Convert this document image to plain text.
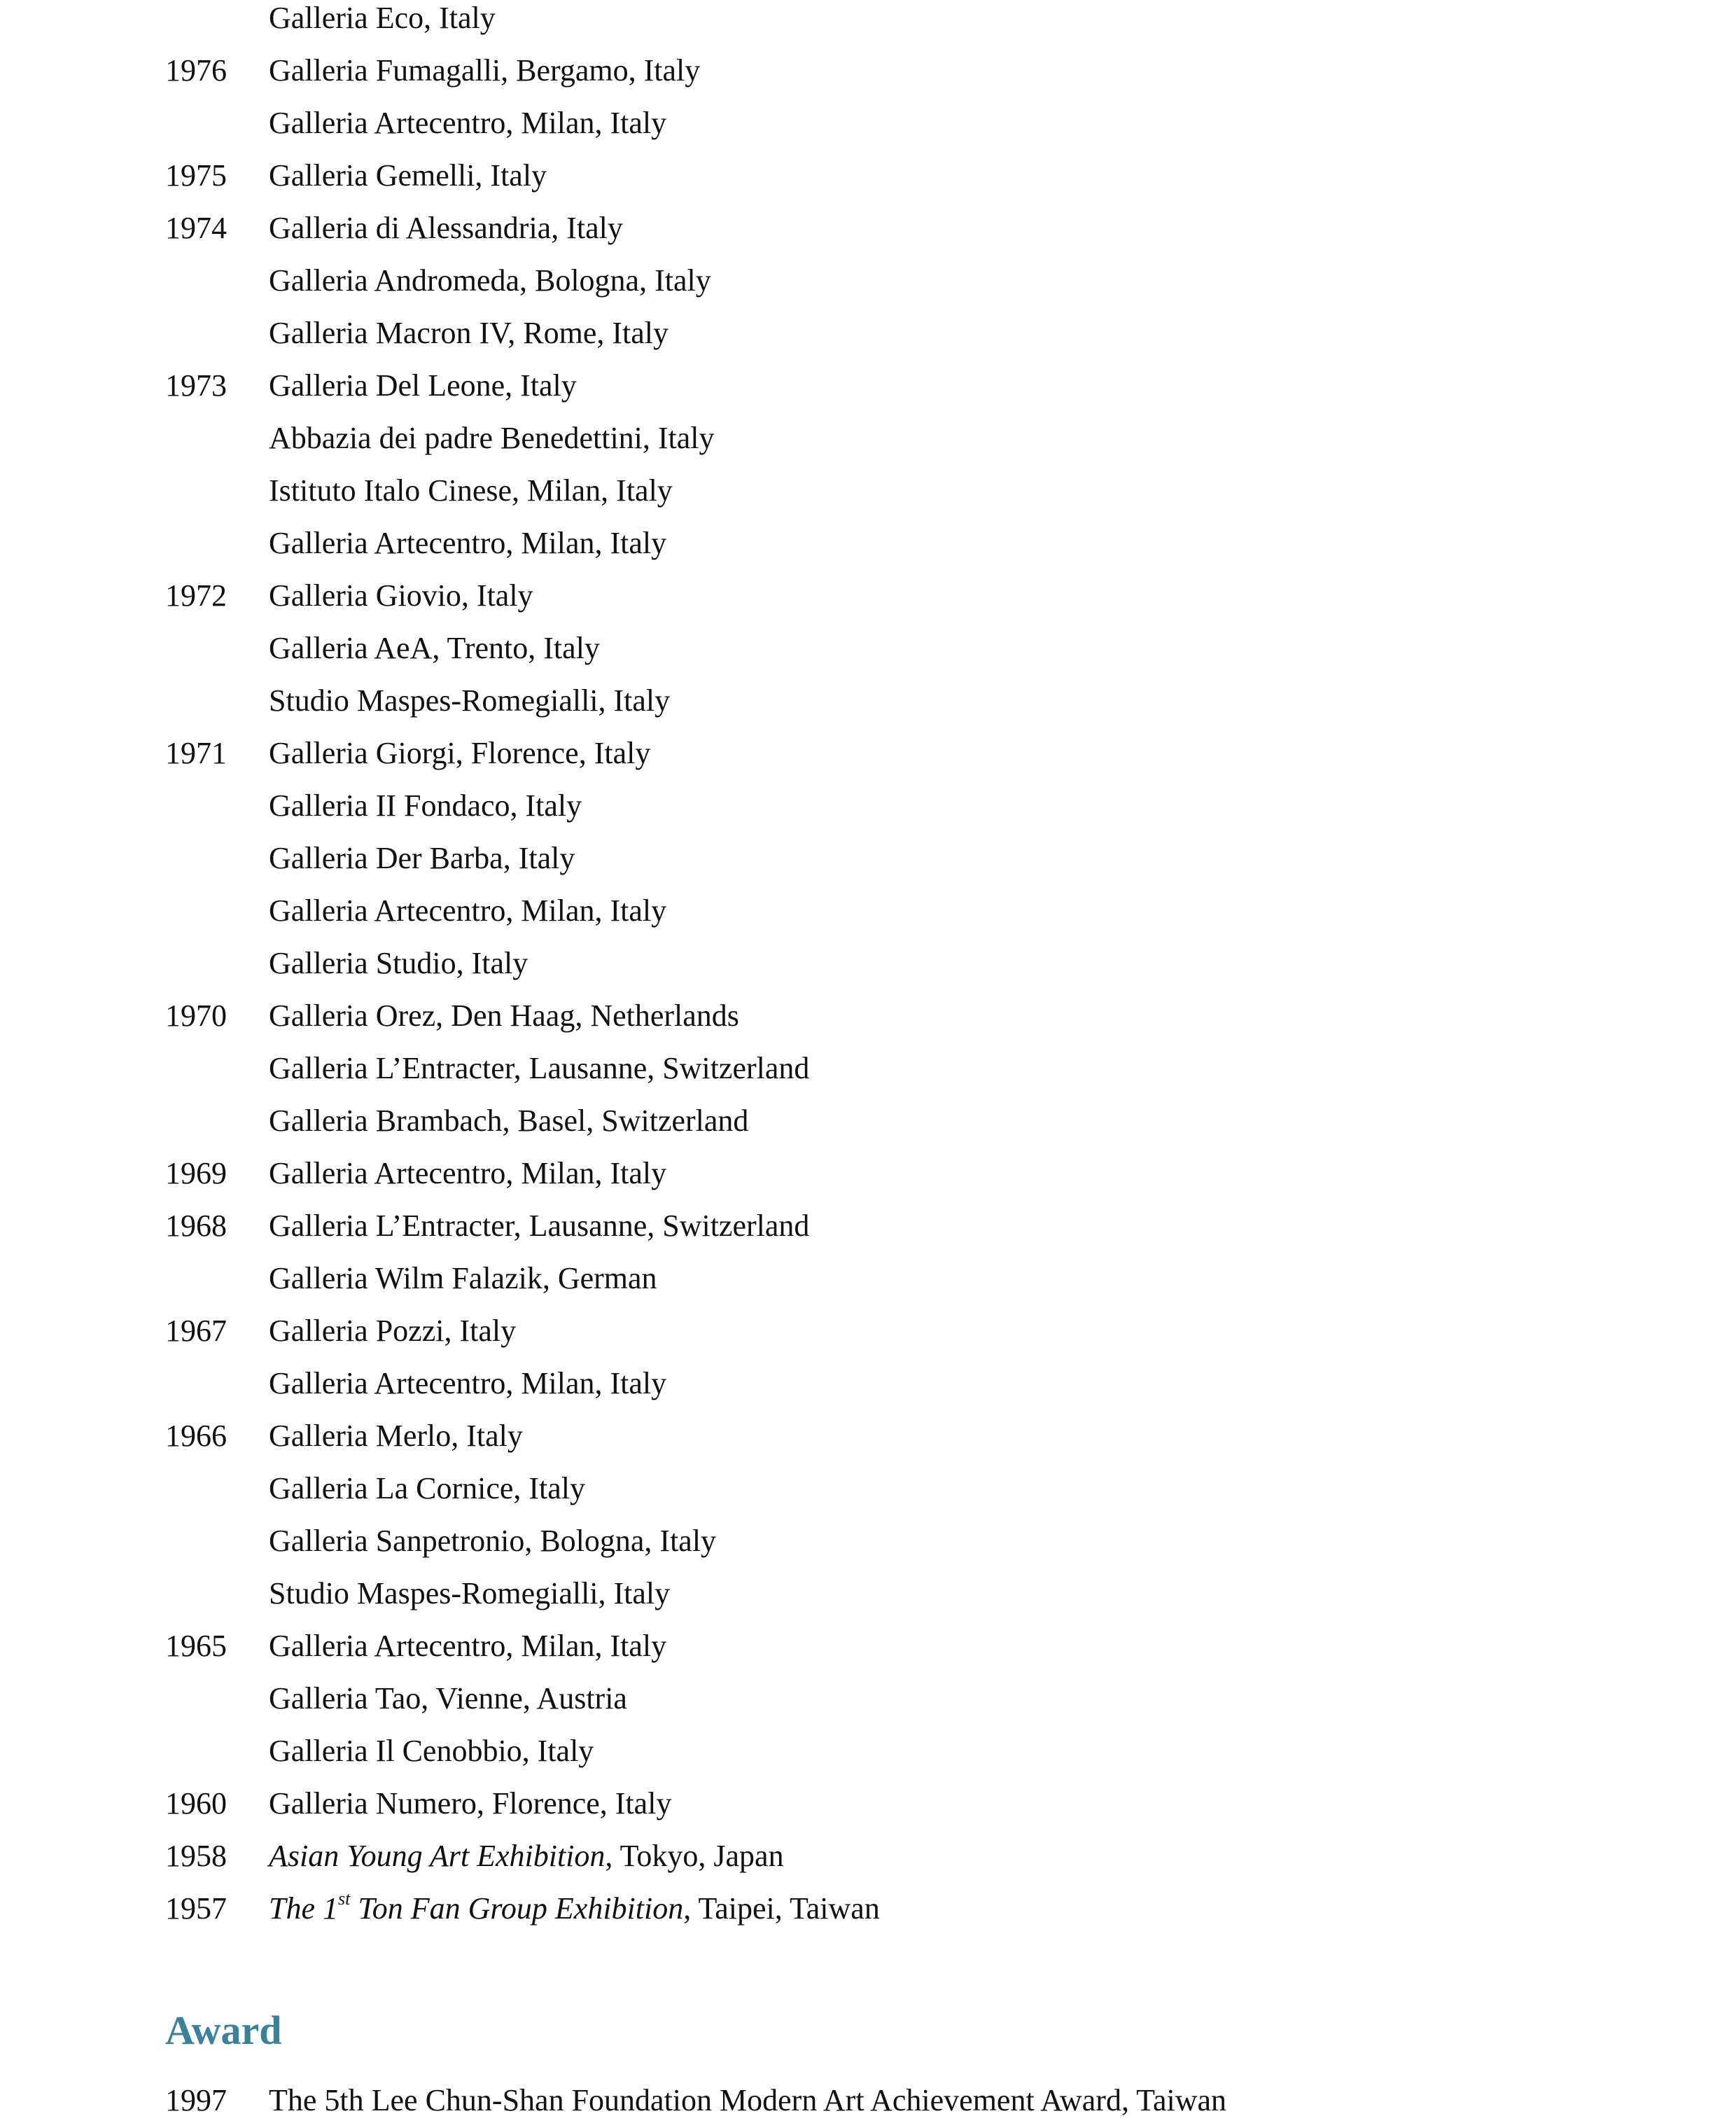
Galleria Eco, Italy
1976 Galleria Fumagalli, Bergamo, Italy
Galleria Artecentro, Milan, Italy
1975 Galleria Gemelli, Italy
1974 Galleria di Alessandria, Italy
Galleria Andromeda, Bologna, Italy
Galleria Macron IV, Rome, Italy
1973 Galleria Del Leone, Italy
Abbazia dei padre Benedettini, Italy
Istituto Italo Cinese, Milan, Italy
Galleria Artecentro, Milan, Italy
1972 Galleria Giovio, Italy
Galleria AeA, Trento, Italy
Studio Maspes-Romegialli, Italy
1971 Galleria Giorgi, Florence, Italy
Galleria II Fondaco, Italy
Galleria Der Barba, Italy
Galleria Artecentro, Milan, Italy
Galleria Studio, Italy
1970 Galleria Orez, Den Haag, Netherlands
Galleria L’Entracter, Lausanne, Switzerland
Galleria Brambach, Basel, Switzerland
1969 Galleria Artecentro, Milan, Italy
1968 Galleria L’Entracter, Lausanne, Switzerland
Galleria Wilm Falazik, German
1967 Galleria Pozzi, Italy
Galleria Artecentro, Milan, Italy
1966 Galleria Merlo, Italy
Galleria La Cornice, Italy
Galleria Sanpetronio, Bologna, Italy
Studio Maspes-Romegialli, Italy
1965 Galleria Artecentro, Milan, Italy
Galleria Tao, Vienne, Austria
Galleria Il Cenobbio, Italy
1960 Galleria Numero, Florence, Italy
1958 Asian Young Art Exhibition, Tokyo, Japan
1957 The 1st Ton Fan Group Exhibition, Taipei, Taiwan
Award
1997 The 5th Lee Chun-Shan Foundation Modern Art Achievement Award, Taiwan
